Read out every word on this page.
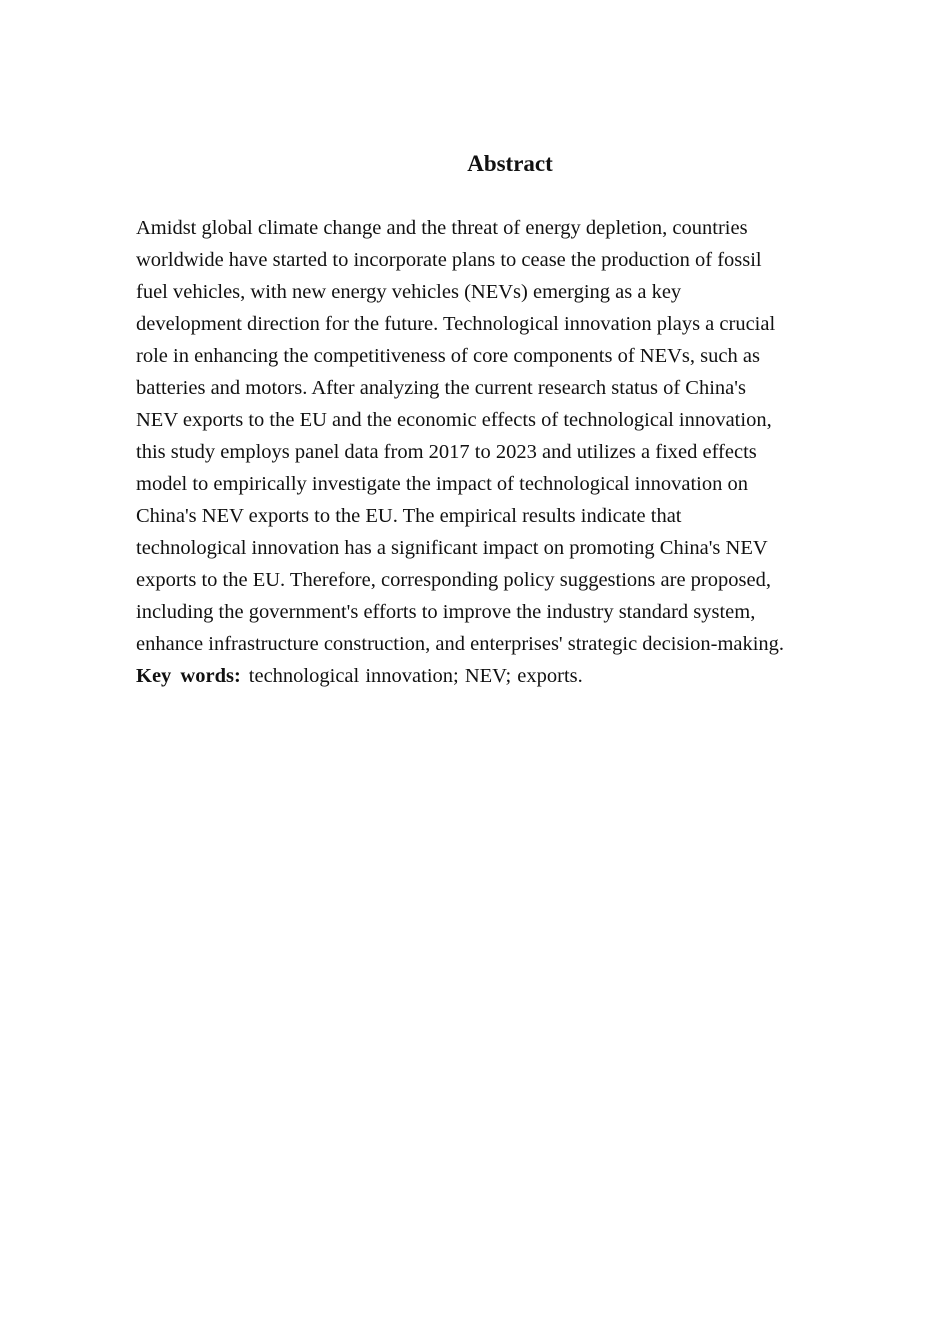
Abstract
Amidst global climate change and the threat of energy depletion, countries
worldwide have started to incorporate plans to cease the production of fossil
fuel vehicles, with new energy vehicles (NEVs) emerging as a key
development direction for the future. Technological innovation plays a crucial
role in enhancing the competitiveness of core components of NEVs, such as
batteries and motors. After analyzing the current research status of China's
NEV exports to the EU and the economic effects of technological innovation,
this study employs panel data from 2017 to 2023 and utilizes a fixed effects
model to empirically investigate the impact of technological innovation on
China's NEV exports to the EU. The empirical results indicate that
technological innovation has a significant impact on promoting China's NEV
exports to the EU. Therefore, corresponding policy suggestions are proposed,
including the government's efforts to improve the industry standard system,
enhance infrastructure construction, and enterprises' strategic decision-making.
Key words: technological innovation; NEV; exports.
